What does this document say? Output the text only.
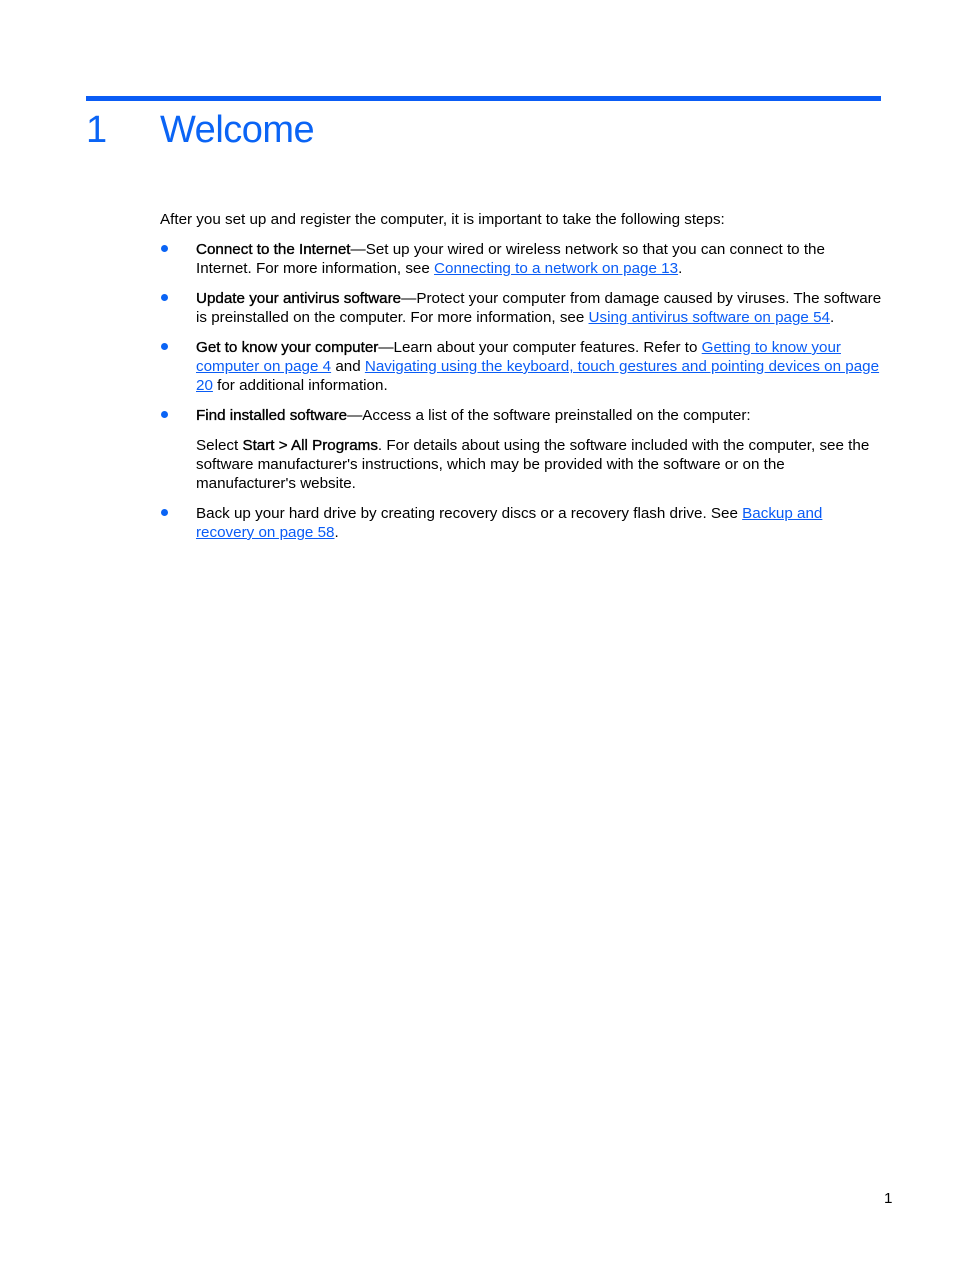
1	Welcome

After you set up and register the computer, it is important to take the following steps:

Connect to the Internet—Set up your wired or wireless network so that you can connect to the Internet. For more information, see Connecting to a network on page 13.
Update your antivirus software—Protect your computer from damage caused by viruses. The software is preinstalled on the computer. For more information, see Using antivirus software on page 54.
Get to know your computer—Learn about your computer features. Refer to Getting to know your computer on page 4 and Navigating using the keyboard, touch gestures and pointing devices on page 20 for additional information.
Find installed software—Access a list of the software preinstalled on the computer:

Select Start > All Programs. For details about using the software included with the computer, see the software manufacturer's instructions, which may be provided with the software or on the manufacturer's website.

Back up your hard drive by creating recovery discs or a recovery flash drive. See Backup and recovery on page 58.
1
